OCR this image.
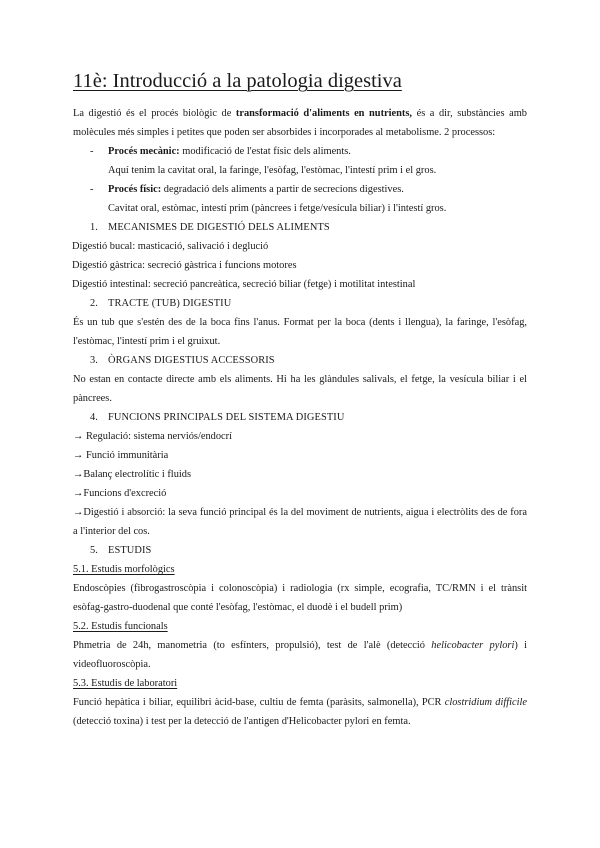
11è: Introducció a la patologia digestiva

La digestió és el procés biològic de transformació d'aliments en nutrients, és a dir, substàncies amb molècules més simples i petites que poden ser absorbides i incorporades al metabolisme. 2 processos:

- Procés mecànic: modificació de l'estat físic dels aliments.
Aquí tenim la cavitat oral, la faringe, l'esòfag, l'estòmac, l'intestí prim i el gros.
- Procés físic: degradació dels aliments a partir de secrecions digestives.
Cavitat oral, estòmac, intestí prim (pàncrees i fetge/vesícula biliar) i l'intestí gros.
1. MECANISMES DE DIGESTIÓ DELS ALIMENTS

Digestió bucal: masticació, salivació i deglució

Digestió gàstrica: secreció gàstrica i funcions motores

Digestió intestinal: secreció pancreàtica, secreció biliar (fetge) i motilitat intestinal

2. TRACTE (TUB) DIGESTIU

És un tub que s'estén des de la boca fins l'anus. Format per la boca (dents i llengua), la faringe, l'esòfag, l'estòmac, l'intestí prim i el gruixut.

3. ÒRGANS DIGESTIUS ACCESSORIS

No estan en contacte directe amb els aliments. Hi ha les glàndules salivals, el fetge, la vesícula biliar i el pàncrees.

4. FUNCIONS PRINCIPALS DEL SISTEMA DIGESTIU

→ Regulació: sistema nerviós/endocrí

→ Funció immunitària

→Balanç electrolític i fluids

→Funcions d'excreció

→Digestió i absorció: la seva funció principal és la del moviment de nutrients, aigua i electròlits des de fora a l'interior del cos.

5. ESTUDIS

5.1. Estudis morfològics

Endoscòpies (fibrogastroscòpia i colonoscòpia) i radiologia (rx simple, ecografia, TC/RMN i el trànsit esòfag-gastro-duodenal que conté l'esòfag, l'estòmac, el duodè i el budell prim)

5.2. Estudis funcionals

Phmetria de 24h, manometria (to esfínters, propulsió), test de l'alè (detecció helicobacter pylori) i videofluoroscòpia.

5.3. Estudis de laboratori

Funció hepàtica i biliar, equilibri àcid-base, cultiu de femta (paràsits, salmonella), PCR clostridium difficile (detecció toxina) i test per la detecció de l'antigen d'Helicobacter pylori en femta.
